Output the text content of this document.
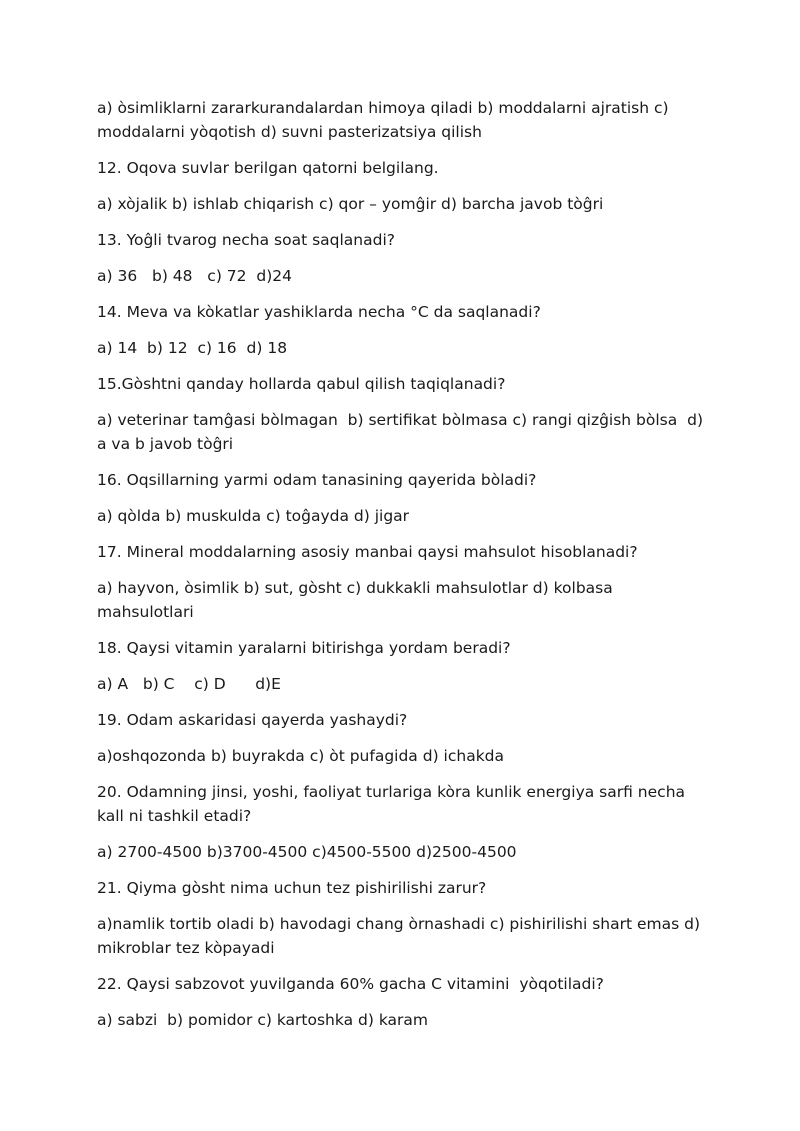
a) òsimliklarni zararkurandalardan himoya qiladi b) moddalarni ajratish c) moddalarni yòqotish d) suvni pasterizatsiya qilish

12. Oqova suvlar berilgan qatorni belgilang.

a) xòjalik b) ishlab chiqarish c) qor – yomĝir d) barcha javob tòĝri

13. Yoĝli tvarog necha soat saqlanadi?

a) 36   b) 48   c) 72  d)24

14. Meva va kòkatlar yashiklarda necha °C da saqlanadi?

a) 14  b) 12  c) 16  d) 18

15.Gòshtni qanday hollarda qabul qilish taqiqlanadi?

a) veterinar tamĝasi bòlmagan  b) sertifikat bòlmasa c) rangi qizĝish bòlsa  d) a va b javob tòĝri

16. Oqsillarning yarmi odam tanasining qayerida bòladi?

a) qòlda b) muskulda c) toĝayda d) jigar

17. Mineral moddalarning asosiy manbai qaysi mahsulot hisoblanadi?

a) hayvon, òsimlik b) sut, gòsht c) dukkakli mahsulotlar d) kolbasa mahsulotlari

18. Qaysi vitamin yaralarni bitirishga yordam beradi?

a) A   b) C    c) D      d)E

19. Odam askaridasi qayerda yashaydi?

a)oshqozonda b) buyrakda c) òt pufagida d) ichakda

20. Odamning jinsi, yoshi, faoliyat turlariga kòra kunlik energiya sarfi necha kall ni tashkil etadi?

a) 2700-4500 b)3700-4500 c)4500-5500 d)2500-4500

21. Qiyma gòsht nima uchun tez pishirilishi zarur?

a)namlik tortib oladi b) havodagi chang òrnashadi c) pishirilishi shart emas d) mikroblar tez kòpayadi

22. Qaysi sabzovot yuvilganda 60% gacha C vitamini  yòqotiladi?

a) sabzi  b) pomidor c) kartoshka d) karam
